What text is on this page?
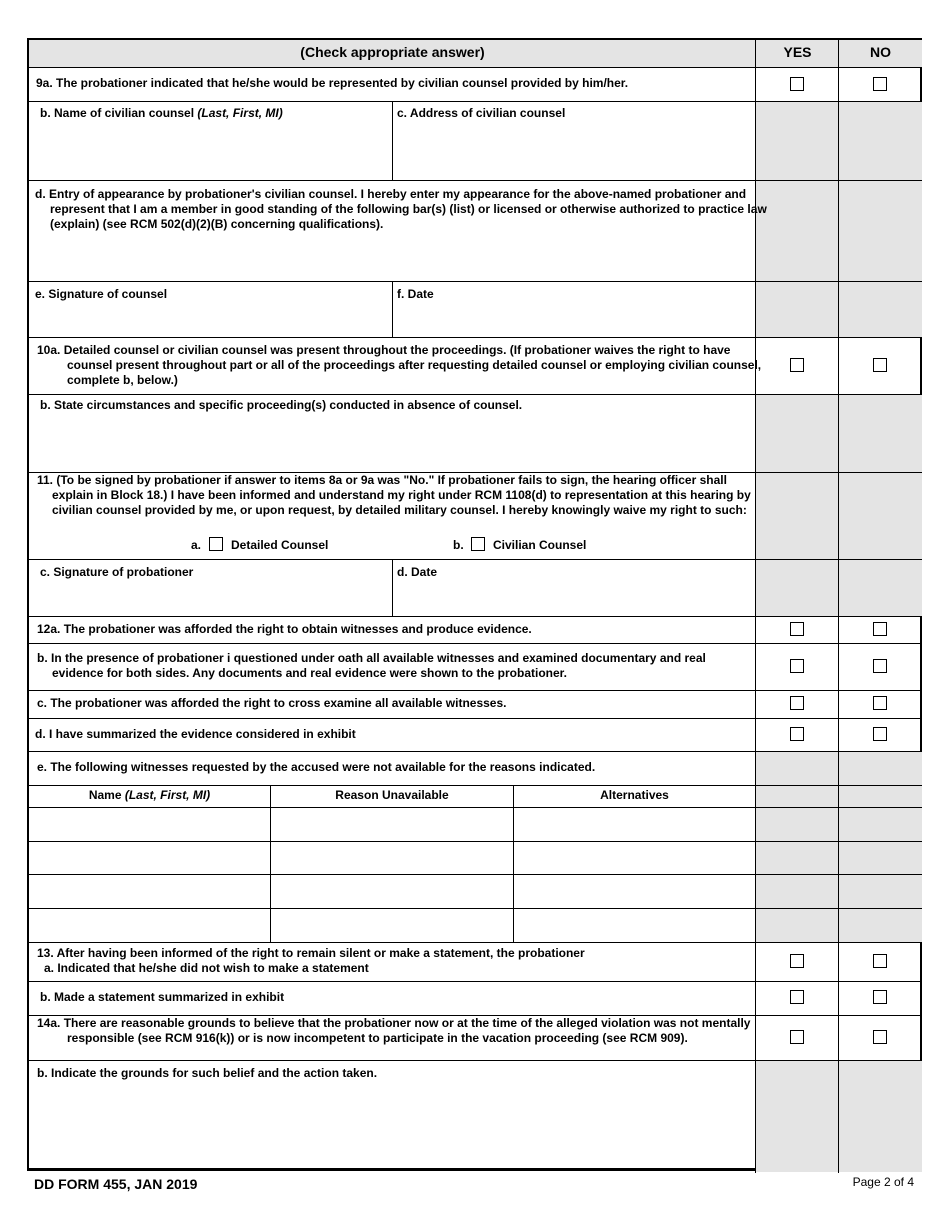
(Check appropriate answer)	YES	NO
9a. The probationer indicated that he/she would be represented by civilian counsel provided by him/her.
b. Name of civilian counsel (Last, First, MI)	c. Address of civilian counsel
d. Entry of appearance by probationer's civilian counsel. I hereby enter my appearance for the above-named probationer and represent that I am a member in good standing of the following bar(s) (list) or licensed or otherwise authorized to practice law (explain) (see RCM 502(d)(2)(B) concerning qualifications).
e. Signature of counsel	f. Date
10a. Detailed counsel or civilian counsel was present throughout the proceedings. (If probationer waives the right to have counsel present throughout part or all of the proceedings after requesting detailed counsel or employing civilian counsel, complete b, below.)
b. State circumstances and specific proceeding(s) conducted in absence of counsel.
11. (To be signed by probationer if answer to items 8a or 9a was "No." If probationer fails to sign, the hearing officer shall explain in Block 18.) I have been informed and understand my right under RCM 1108(d) to representation at this hearing by civilian counsel provided by me, or upon request, by detailed military counsel. I hereby knowingly waive my right to such:
a. Detailed Counsel	b. Civilian Counsel
c. Signature of probationer	d. Date
12a. The probationer was afforded the right to obtain witnesses and produce evidence.
b. In the presence of probationer i questioned under oath all available witnesses and examined documentary and real evidence for both sides. Any documents and real evidence were shown to the probationer.
c. The probationer was afforded the right to cross examine all available witnesses.
d. I have summarized the evidence considered in exhibit
e. The following witnesses requested by the accused were not available for the reasons indicated.
Name (Last, First, MI)	Reason Unavailable	Alternatives
13. After having been informed of the right to remain silent or make a statement, the probationer
a. Indicated that he/she did not wish to make a statement
b. Made a statement summarized in exhibit
14a. There are reasonable grounds to believe that the probationer now or at the time of the alleged violation was not mentally responsible (see RCM 916(k)) or is now incompetent to participate in the vacation proceeding (see RCM 909).
b. Indicate the grounds for such belief and the action taken.
DD FORM 455, JAN 2019	Page 2 of 4
